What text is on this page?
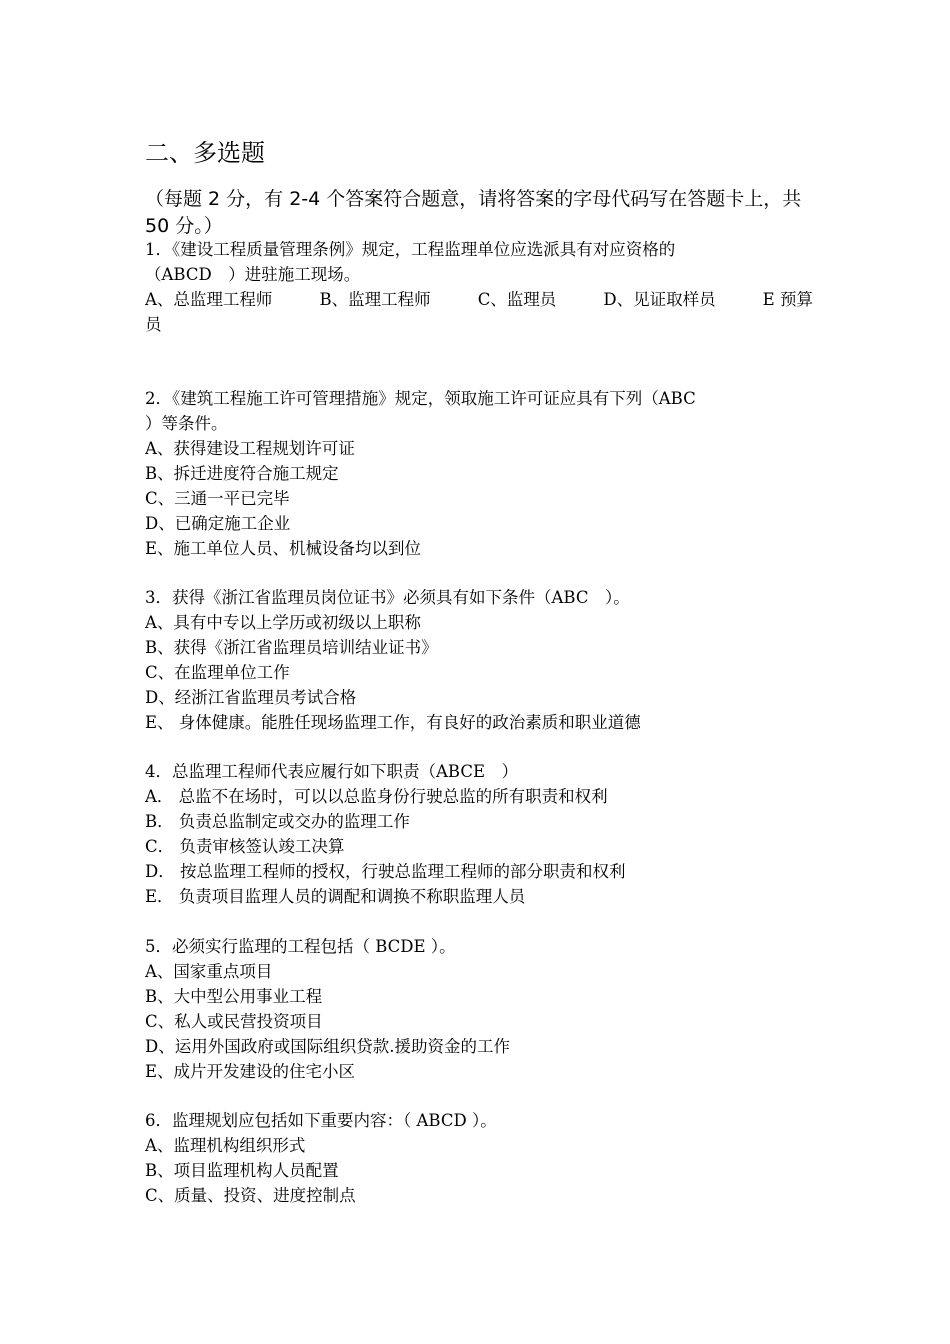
二、多选题
（每题 2 分，有 2-4 个答案符合题意，请将答案的字母代码写在答题卡上，共 50 分。）
1．《建设工程质量管理条例》规定，工程监理单位应选派具有对应资格的
（ABCD　）进驻施工现场。
A、总监理工程师	B、监理工程师	C、监理员	D、见证取样员	E 预算
员
2．《建筑工程施工许可管理措施》规定，领取施工许可证应具有下列（ABC
）等条件。
A、获得建设工程规划许可证
B、拆迁进度符合施工规定
C、三通一平已完毕
D、已确定施工企业
E、施工单位人员、机械设备均以到位
3．获得《浙江省监理员岗位证书》必须具有如下条件（ABC　）。
A、具有中专以上学历或初级以上职称
B、获得《浙江省监理员培训结业证书》
C、在监理单位工作
D、经浙江省监理员考试合格
E、 身体健康。能胜任现场监理工作，有良好的政治素质和职业道德
4．总监理工程师代表应履行如下职责（ABCE　）
A． 总监不在场时，可以以总监身份行驶总监的所有职责和权利
B． 负责总监制定或交办的监理工作
C． 负责审核签认竣工决算
D． 按总监理工程师的授权，行驶总监理工程师的部分职责和权利
E． 负责项目监理人员的调配和调换不称职监理人员
5．必须实行监理的工程包括（ BCDE ）。
A、国家重点项目
B、大中型公用事业工程
C、私人或民营投资项目
D、运用外国政府或国际组织贷款.援助资金的工作
E、成片开发建设的住宅小区
6．监理规划应包括如下重要内容：（ ABCD ）。
A、监理机构组织形式
B、项目监理机构人员配置
C、质量、投资、进度控制点
